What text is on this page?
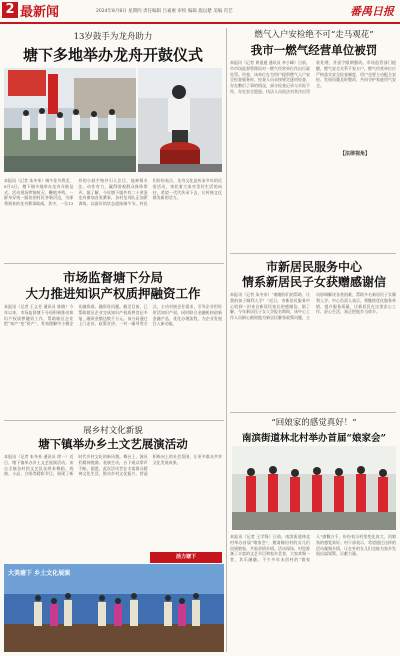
2 最新闻	2024年8月8日 星期四 责任编辑 吕嘉惠 审校 编辑 施以楚 美编 肖艺	番禺日报
13岁鼓手为龙舟助力
塘下多地举办龙舟开鼓仪式
本报讯（记者 朱冬来）端午佳节将至，8月5日，塘下镇多地举办龙舟开鼓仪式。活动现场锣鼓喧天，鞭炮齐鸣，一群身穿统一服装的村民齐聚河边，为即将到来的龙舟赛事助威。其中，一位13岁的小鼓手格外引人注目，他神情专注、动作有力，赢得围观群众阵阵掌声。据了解，今年塘下镇共有二十余条龙舟参加各类赛事，各村龙舟队正加紧训练，以最好的状态迎接端午节。村民们纷纷表示，龙舟文化是传承多年的民俗活动，寄托着大家对美好生活的向往，希望一代代传承下去，让传统文化焕发新的活力。
燃气入户安检绝不可“走马观花”
我市一燃气经营单位被罚
本报讯（记者 黄嘉通 通讯员 李小峰）日前，市市场监督管理局对一燃气经营单位作出行政处罚。经查，该单位在为用户提供燃气入户安全检查服务时，检查人员未按规定逐项检查，存在敷衍了事的情况，部分检查记录与实际不符，存在安全隐患。执法人员依法对其作出罚款处理，并责令限期整改。市场监管部门提醒，燃气安全关系千家万户，燃气经营单位应严格落实安全检查制度，用户也要主动配合安检，发现问题及时整改，共同守护家庭用气安全。
【法律视角】
市场监督塘下分局
大力推进知识产权质押融资工作
本报讯（记者 王义芳 通讯员 陈晓）今年以来，市场监督塘下分局积极推动知识产权质押融资工作，帮助辖区企业把“知产”变“资产”，有效缓解中小微企业融资难、融资贵问题。截至目前，已帮助辖区企业完成知识产权质押登记多笔，融资金额达数千万元。该分局通过上门走访、政策宣讲、一对一辅导等方式，主动对接企业需求，引导企业用好用活知识产权，同时联合金融机构创新金融产品，优化办理流程，为企业发展注入新动能。
市新居民服务中心
情系新居民子女获赠感谢信
本报讯（记者 朱冬来）“谢谢你们的帮助，让我的孩子顺利入学！”近日，市新居民服务中心收到一封来自新居民家长的感谢信。据了解，今年新居民子女入学报名期间，该中心工作人员耐心细致地为新居民解答政策问题，主动协调解决各类困难，帮助多名新居民子女顺利入学。中心负责人表示，将继续优化服务举措，提升服务质量，让新居民在这里安心工作、舒心生活，真正把他乡当故乡。
展乡村文化新貌
塘下镇举办乡土文艺展演活动
本报讯（记者 朱冬来 通讯员 徐一）近日，塘下镇举办乡土文艺展演活动。来自全镇各村的文艺队伍带来舞蹈、戏曲、小品、合唱等精彩节目，展现了新时代乡村文化的新风貌。舞台上，演员们精神饱满、表演生动，台下观众掌声不断。据悉，此次活动旨在丰富群众精神文化生活，推动乡村文化振兴，营造积极向上的社会氛围，让更多群众共享文化发展成果。
活力塘下
大美塘下 乡土文化展演
“回娘家的感觉真好！”
南滨街道林北村举办首届“娘家会”
本报讯（记者 王学锋）日前，南滨街道林北村举办首届“娘家会”，邀请嫁出村的女儿们回到娘家，共叙亲情乡情。活动现场，村里准备了丰富的文艺节目和家乡美食，大家欢聚一堂，其乐融融。不少多年未回村的“娘家人”感慨万千，纷纷表示村里变化真大，回娘家的感觉真好。村干部表示，希望通过这样的活动凝聚乡情，让在外的女儿们也能为家乡发展出谋划策、贡献力量。
